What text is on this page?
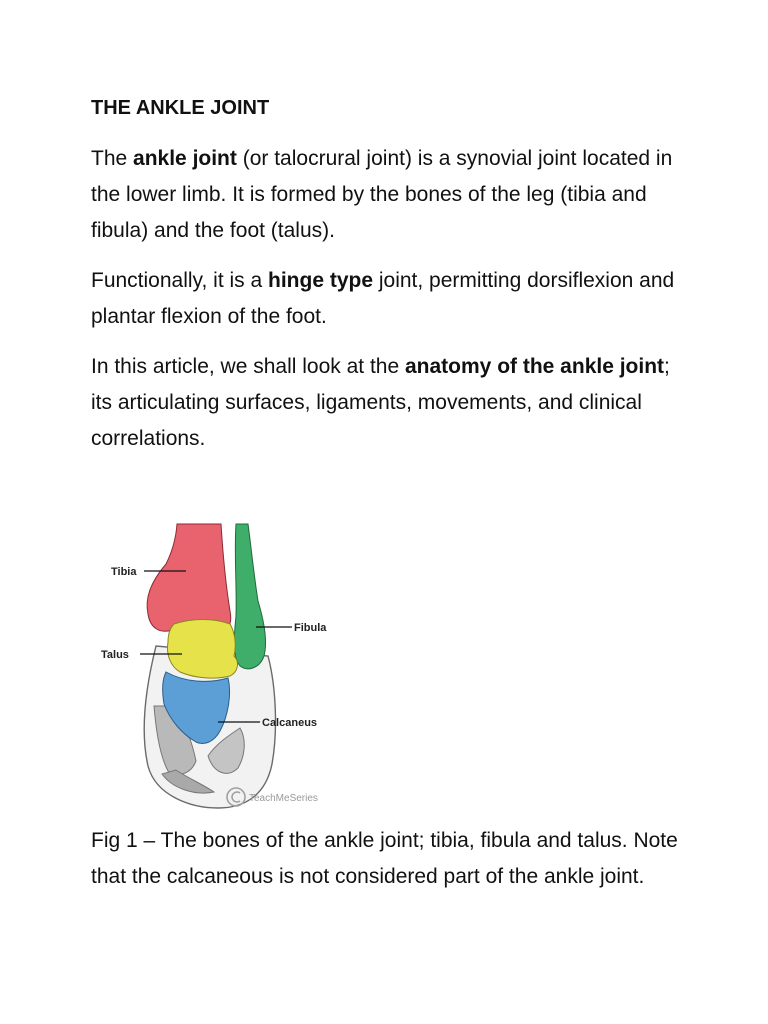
THE ANKLE JOINT

The ankle joint (or talocrural joint) is a synovial joint located in the lower limb. It is formed by the bones of the leg (tibia and fibula) and the foot (talus).

Functionally, it is a hinge type joint, permitting dorsiflexion and plantar flexion of the foot.

In this article, we shall look at the anatomy of the ankle joint; its articulating surfaces, ligaments, movements, and clinical correlations.

Tibia
Fibula
Talus
Calcaneus
TeachMeSeries

Fig 1 – The bones of the ankle joint; tibia, fibula and talus. Note that the calcaneous is not considered part of the ankle joint.
